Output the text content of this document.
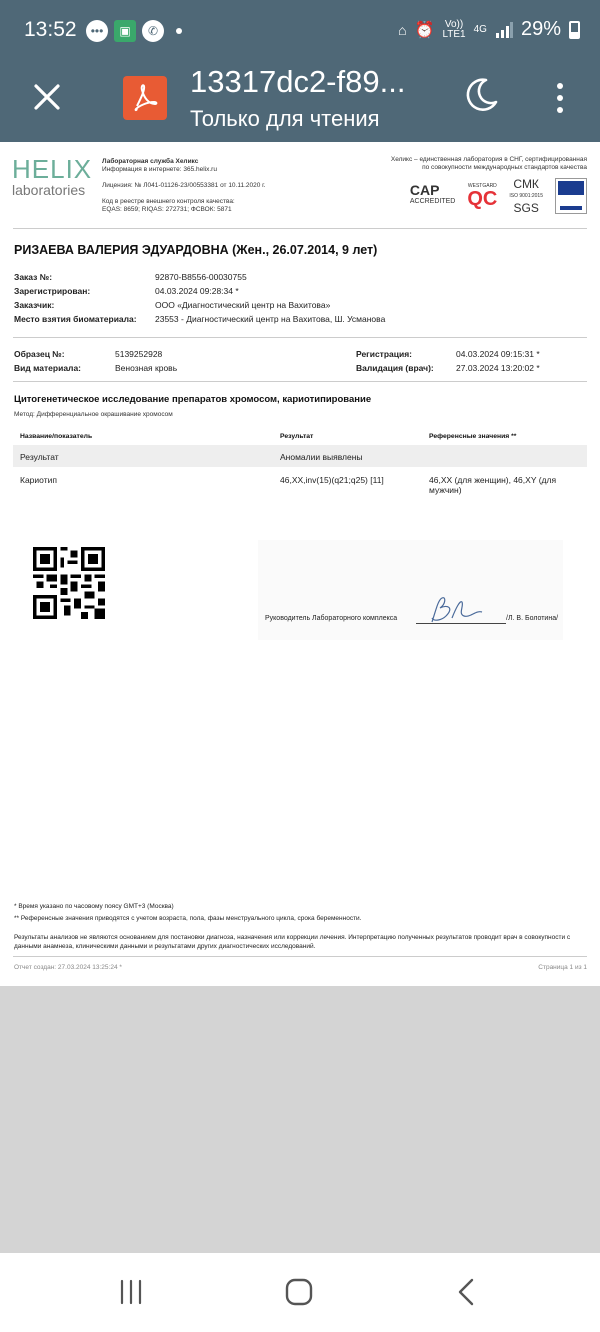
13:52	•••	▣	✆	⌂ ⏰ Vo))
LTE1 4G 29%
13317dc2-f89...
Только для чтения
HELIX
laboratories
Лабораторная служба Хеликс
Информация в интернете: 365.helix.ru
Лицензия: № Л041-01126-23/00553381 от 10.11.2020 г.
Код в реестре внешнего контроля качества:
EQAS: 8659; RIQAS: 272731; ФСВОК: 5871
Хеликс – единственная лаборатория в СНГ, сертифицированная
по совокупности международных стандартов качества
CAP
ACCREDITED
WESTGARD
QC
СМК
ISO 9001:2015
SGS
РИЗАЕВА ВАЛЕРИЯ ЭДУАРДОВНА (Жен., 26.07.2014, 9 лет)
Заказ №:	92870-B8556-00030755
Зарегистрирован:	04.03.2024 09:28:34 *
Заказчик:	ООО «Диагностический центр на Вахитова»
Место взятия биоматериала: 23553 - Диагностический центр на Вахитова, Ш. Усманова
Образец №:	5139252928
Вид материала:	Венозная кровь
Регистрация:	04.03.2024 09:15:31 *
Валидация (врач):	27.03.2024 13:20:02 *
Цитогенетическое исследование препаратов хромосом, кариотипирование
Метод: Дифференциальное окрашивание хромосом
Название/показатель	Результат	Референсные значения **
Результат	Аномалии выявлены
Кариотип	46,XX,inv(15)(q21;q25) [11]	46,XX (для женщин), 46,XY (для мужчин)
Руководитель Лабораторного комплекса	/Л. В. Болотина/
* Время указано по часовому поясу GMT+3 (Москва)
** Референсные значения приводятся с учетом возраста, пола, фазы менструального цикла, срока беременности.
Результаты анализов не являются основанием для постановки диагноза, назначения или коррекции лечения. Интерпретацию полученных результатов проводит врач в совокупности с данными анамнеза, клиническими данными и результатами других диагностических исследований.
Отчет создан: 27.03.2024 13:25:24 *	Страница 1 из 1
